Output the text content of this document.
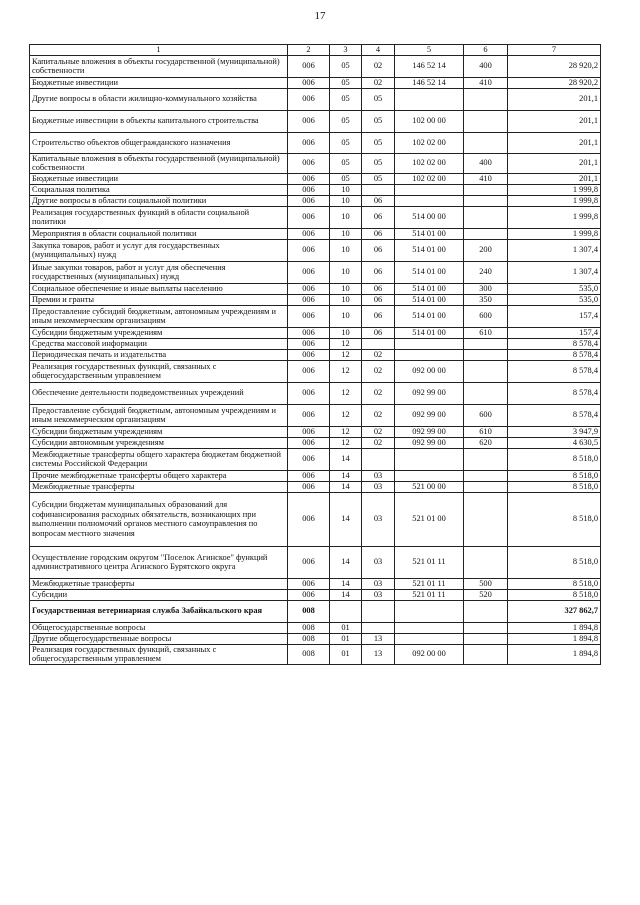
17
1	2	3	4	5	6	7
Капитальные вложения в объекты государственной (муниципальной) собственности	006	05	02	146 52 14	400	28 920,2
Бюджетные инвестиции	006	05	02	146 52 14	410	28 920,2
Другие вопросы в области жилищно-коммунального хозяйства	006	05	05			201,1
Бюджетные инвестиции в объекты капитального строительства	006	05	05	102 00 00		201,1
Строительство объектов общегражданского назначения	006	05	05	102 02 00		201,1
Капитальные вложения в объекты государственной (муниципальной) собственности	006	05	05	102 02 00	400	201,1
Бюджетные инвестиции	006	05	05	102 02 00	410	201,1
Социальная политика	006	10				1 999,8
Другие вопросы в области социальной политики	006	10	06			1 999,8
Реализация государственных функций в области социальной политики	006	10	06	514 00 00		1 999,8
Мероприятия в области социальной политики	006	10	06	514 01 00		1 999,8
Закупка товаров, работ и услуг для государственных (муниципальных) нужд	006	10	06	514 01 00	200	1 307,4
Иные закупки товаров, работ и услуг для обеспечения государственных (муниципальных) нужд	006	10	06	514 01 00	240	1 307,4
Социальное обеспечение и иные выплаты населению	006	10	06	514 01 00	300	535,0
Премии и гранты	006	10	06	514 01 00	350	535,0
Предоставление субсидий бюджетным, автономным учреждениям и иным некоммерческим организациям	006	10	06	514 01 00	600	157,4
Субсидии бюджетным учреждениям	006	10	06	514 01 00	610	157,4
Средства массовой информации	006	12				8 578,4
Периодическая печать и издательства	006	12	02			8 578,4
Реализация государственных функций, связанных с общегосударственным управлением	006	12	02	092 00 00		8 578,4
Обеспечение деятельности подведомственных учреждений	006	12	02	092 99 00		8 578,4
Предоставление субсидий бюджетным, автономным учреждениям и иным некоммерческим организациям	006	12	02	092 99 00	600	8 578,4
Субсидии бюджетным учреждениям	006	12	02	092 99 00	610	3 947,9
Субсидии автономным учреждениям	006	12	02	092 99 00	620	4 630,5
Межбюджетные трансферты общего характера бюджетам бюджетной системы Российской Федерации	006	14				8 518,0
Прочие межбюджетные трансферты общего характера	006	14	03			8 518,0
Межбюджетные трансферты	006	14	03	521 00 00		8 518,0
Субсидии бюджетам муниципальных образований для софинансирования расходных обязательств, возникающих при выполнении полномочий органов местного самоуправления по вопросам местного значения	006	14	03	521 01 00		8 518,0
Осуществление городским округом "Поселок Агинское" функций административного центра Агинского Бурятского округа	006	14	03	521 01 11		8 518,0
Межбюджетные трансферты	006	14	03	521 01 11	500	8 518,0
Субсидии	006	14	03	521 01 11	520	8 518,0
Государственная ветеринарная служба Забайкальского края	008					327 862,7
Общегосударственные вопросы	008	01				1 894,8
Другие общегосударственные вопросы	008	01	13			1 894,8
Реализация государственных функций, связанных с общегосударственным управлением	008	01	13	092 00 00		1 894,8
